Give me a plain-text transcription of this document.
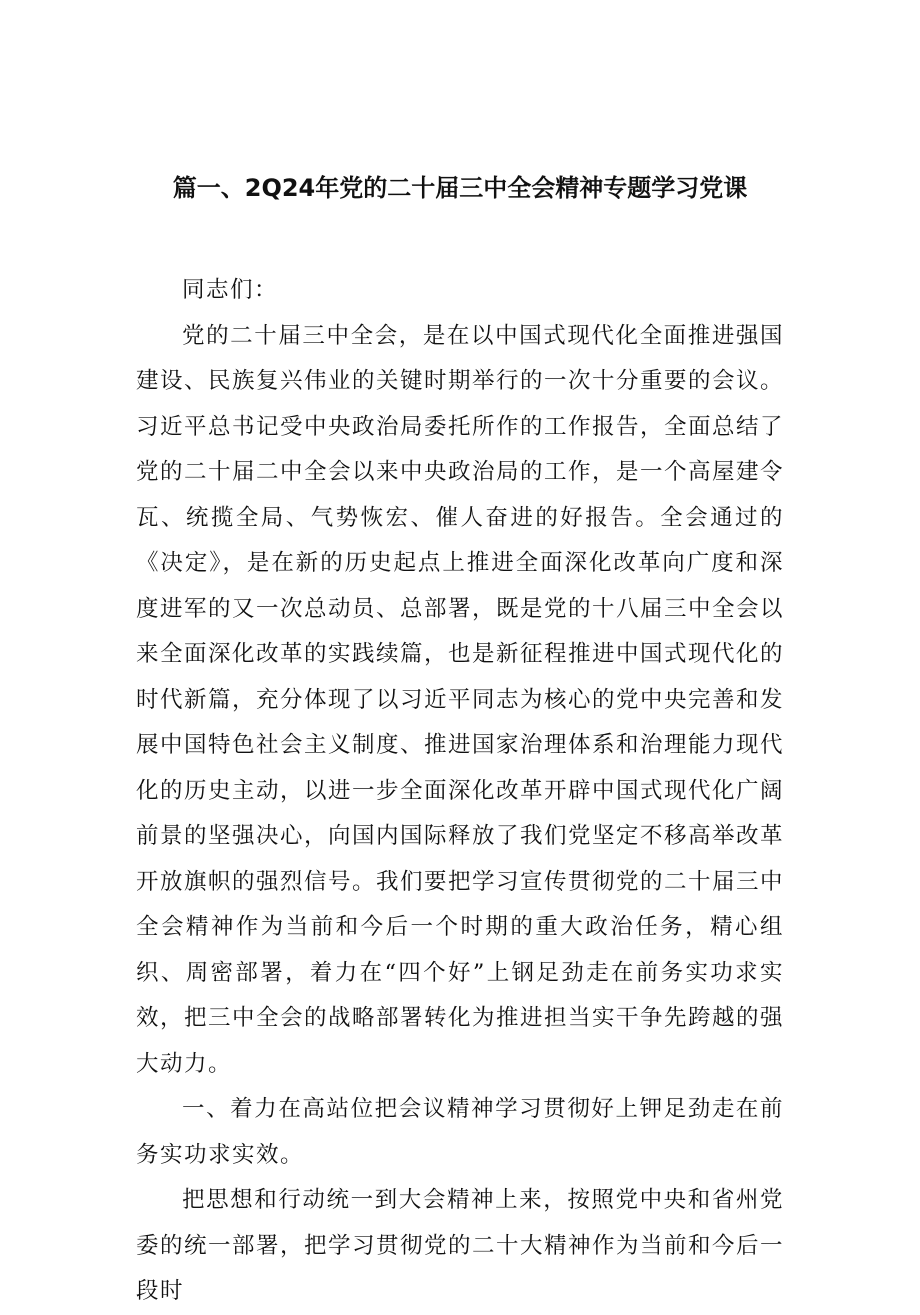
篇一、2Q24年党的二十届三中全会精神专题学习党课

同志们：

党的二十届三中全会，是在以中国式现代化全面推进强国建设、民族复兴伟业的关键时期举行的一次十分重要的会议。习近平总书记受中央政治局委托所作的工作报告，全面总结了党的二十届二中全会以来中央政治局的工作，是一个高屋建令瓦、统揽全局、气势恢宏、催人奋进的好报告。全会通过的《决定》，是在新的历史起点上推进全面深化改革向广度和深度进军的又一次总动员、总部署，既是党的十八届三中全会以来全面深化改革的实践续篇，也是新征程推进中国式现代化的时代新篇，充分体现了以习近平同志为核心的党中央完善和发展中国特色社会主义制度、推进国家治理体系和治理能力现代化的历史主动，以进一步全面深化改革开辟中国式现代化广阔前景的坚强决心，向国内国际释放了我们党坚定不移高举改革开放旗帜的强烈信号。我们要把学习宣传贯彻党的二十届三中全会精神作为当前和今后一个时期的重大政治任务，精心组织、周密部署，着力在“四个好”上钢足劲走在前务实功求实效，把三中全会的战略部署转化为推进担当实干争先跨越的强大动力。

一、着力在高站位把会议精神学习贯彻好上钾足劲走在前务实功求实效。

把思想和行动统一到大会精神上来，按照党中央和省州党委的统一部署，把学习贯彻党的二十大精神作为当前和今后一段时
